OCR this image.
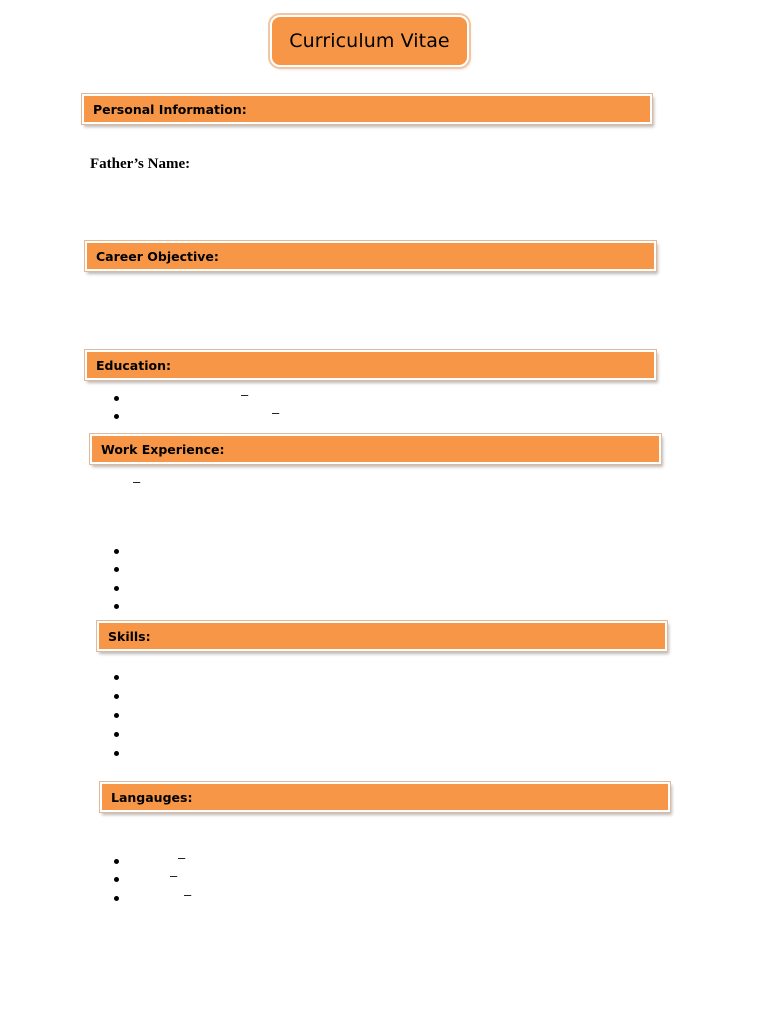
Curriculum Vitae
Personal Information:
Father’s Name:
Career Objective:
Education:
–
–
Work Experience:
–
Skills:
Langauges:
–
–
–
